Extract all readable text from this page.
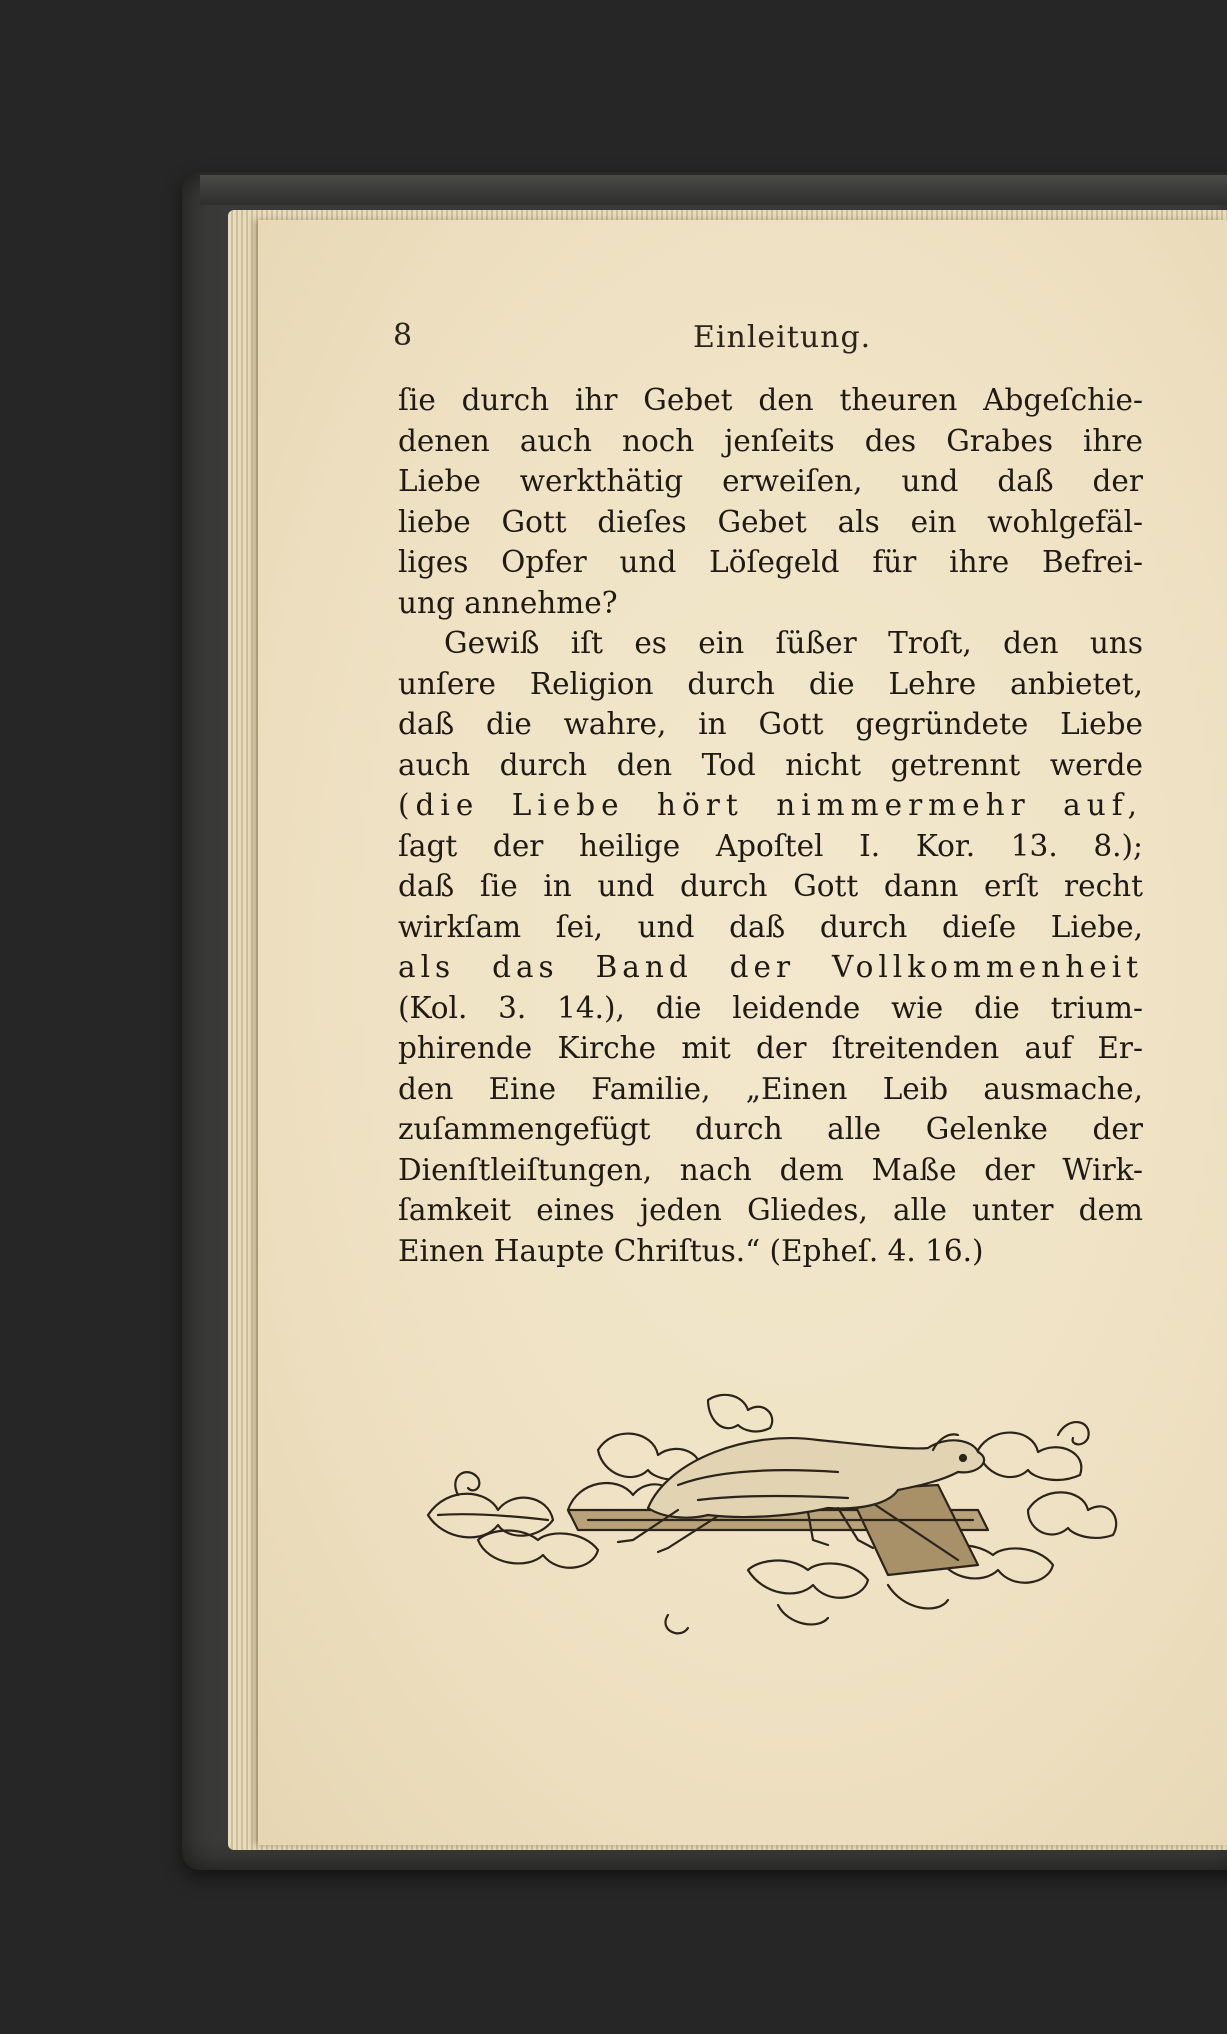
8	Einleitung.
ſie durch ihr Gebet den theuren Abgeſchie-
denen auch noch jenſeits des Grabes ihre
Liebe werkthätig erweiſen, und daß der
liebe Gott dieſes Gebet als ein wohlgefäl-
liges Opfer und Löſegeld für ihre Befrei-
ung annehme?
Gewiß iſt es ein ſüßer Troſt, den uns
unſere Religion durch die Lehre anbietet,
daß die wahre, in Gott gegründete Liebe
auch durch den Tod nicht getrennt werde
(die Liebe hört nimmermehr auf,
ſagt der heilige Apoſtel I. Kor. 13. 8.);
daß ſie in und durch Gott dann erſt recht
wirkſam ſei, und daß durch dieſe Liebe,
als das Band der Vollkommenheit
(Kol. 3. 14.), die leidende wie die trium-
phirende Kirche mit der ſtreitenden auf Er-
den Eine Familie, „Einen Leib ausmache,
zuſammengefügt durch alle Gelenke der
Dienſtleiſtungen, nach dem Maße der Wirk-
ſamkeit eines jeden Gliedes, alle unter dem
Einen Haupte Chriſtus.“ (Epheſ. 4. 16.)
